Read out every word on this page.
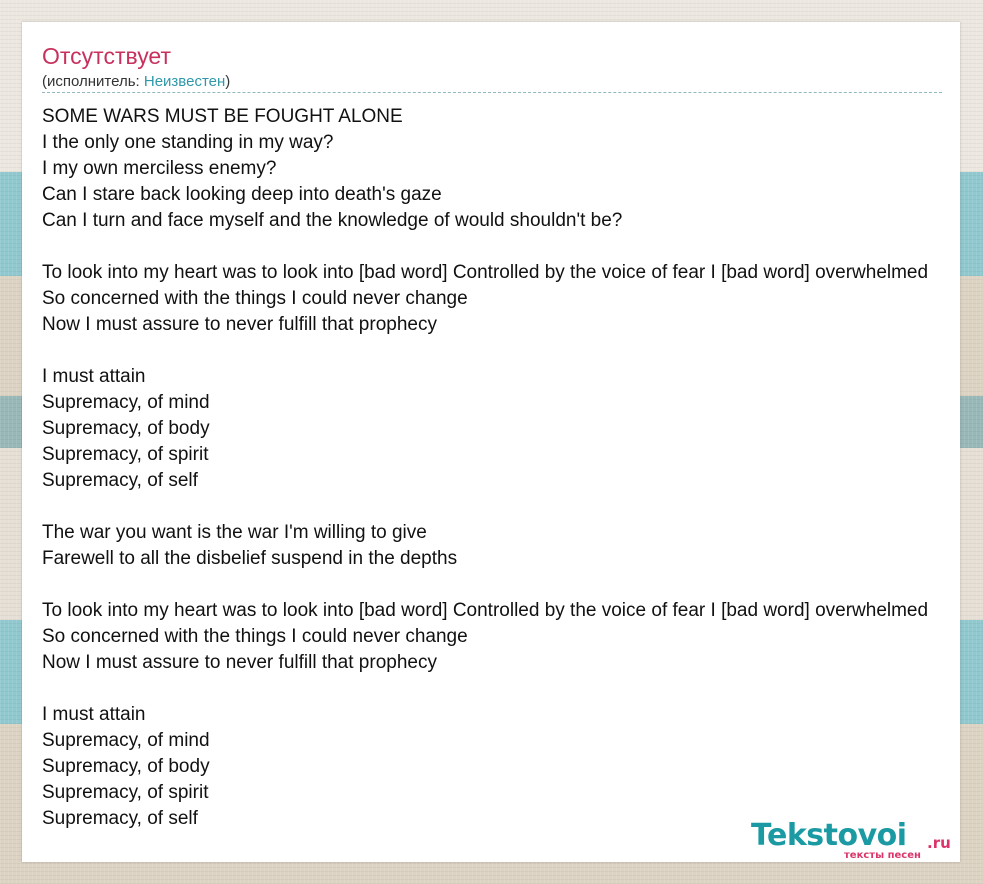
Отсутствует
(исполнитель: Неизвестен)
SOME WARS MUST BE FOUGHT ALONE
I the only one standing in my way?
I my own merciless enemy?
Can I stare back looking deep into death's gaze
Can I turn and face myself and the knowledge of would shouldn't be?

To look into my heart was to look into [bad word] Controlled by the voice of fear I [bad word] overwhelmed
So concerned with the things I could never change
Now I must assure to never fulfill that prophecy

I must attain
Supremacy, of mind
Supremacy, of body
Supremacy, of spirit
Supremacy, of self

The war you want is the war I'm willing to give
Farewell to all the disbelief suspend in the depths

To look into my heart was to look into [bad word] Controlled by the voice of fear I [bad word] overwhelmed
So concerned with the things I could never change
Now I must assure to never fulfill that prophecy

I must attain
Supremacy, of mind
Supremacy, of body
Supremacy, of spirit
Supremacy, of self	Tekstovoi .ru
тексты песен
